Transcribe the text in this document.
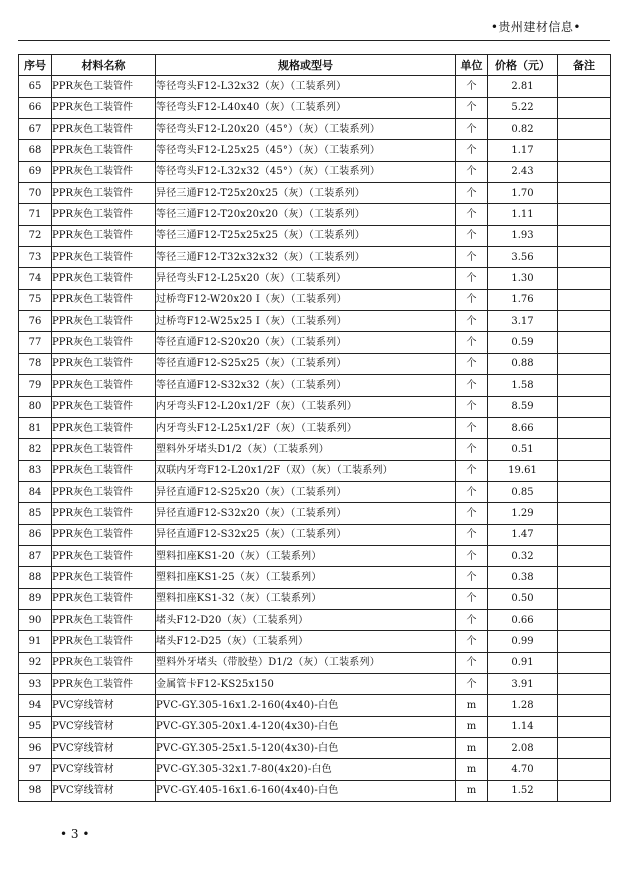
•贵州建材信息•
序号	材料名称	规格或型号	单位	价格（元）	备注
65	PPR灰色工装管件	等径弯头F12-L32x32（灰）（工装系列）	个	2.81	
66	PPR灰色工装管件	等径弯头F12-L40x40（灰）（工装系列）	个	5.22	
67	PPR灰色工装管件	等径弯头F12-L20x20（45°）（灰）（工装系列）	个	0.82	
68	PPR灰色工装管件	等径弯头F12-L25x25（45°）（灰）（工装系列）	个	1.17	
69	PPR灰色工装管件	等径弯头F12-L32x32（45°）（灰）（工装系列）	个	2.43	
70	PPR灰色工装管件	异径三通F12-T25x20x25（灰）（工装系列）	个	1.70	
71	PPR灰色工装管件	等径三通F12-T20x20x20（灰）（工装系列）	个	1.11	
72	PPR灰色工装管件	等径三通F12-T25x25x25（灰）（工装系列）	个	1.93	
73	PPR灰色工装管件	等径三通F12-T32x32x32（灰）（工装系列）	个	3.56	
74	PPR灰色工装管件	异径弯头F12-L25x20（灰）（工装系列）	个	1.30	
75	PPR灰色工装管件	过桥弯F12-W20x20 Ⅰ（灰）（工装系列）	个	1.76	
76	PPR灰色工装管件	过桥弯F12-W25x25 Ⅰ（灰）（工装系列）	个	3.17	
77	PPR灰色工装管件	等径直通F12-S20x20（灰）（工装系列）	个	0.59	
78	PPR灰色工装管件	等径直通F12-S25x25（灰）（工装系列）	个	0.88	
79	PPR灰色工装管件	等径直通F12-S32x32（灰）（工装系列）	个	1.58	
80	PPR灰色工装管件	内牙弯头F12-L20x1/2F（灰）（工装系列）	个	8.59	
81	PPR灰色工装管件	内牙弯头F12-L25x1/2F（灰）（工装系列）	个	8.66	
82	PPR灰色工装管件	塑料外牙堵头D1/2（灰）（工装系列）	个	0.51	
83	PPR灰色工装管件	双联内牙弯F12-L20x1/2F（双）（灰）（工装系列）	个	19.61	
84	PPR灰色工装管件	异径直通F12-S25x20（灰）（工装系列）	个	0.85	
85	PPR灰色工装管件	异径直通F12-S32x20（灰）（工装系列）	个	1.29	
86	PPR灰色工装管件	异径直通F12-S32x25（灰）（工装系列）	个	1.47	
87	PPR灰色工装管件	塑料扣座KS1-20（灰）（工装系列）	个	0.32	
88	PPR灰色工装管件	塑料扣座KS1-25（灰）（工装系列）	个	0.38	
89	PPR灰色工装管件	塑料扣座KS1-32（灰）（工装系列）	个	0.50	
90	PPR灰色工装管件	堵头F12-D20（灰）（工装系列）	个	0.66	
91	PPR灰色工装管件	堵头F12-D25（灰）（工装系列）	个	0.99	
92	PPR灰色工装管件	塑料外牙堵头（带胶垫）D1/2（灰）（工装系列）	个	0.91	
93	PPR灰色工装管件	金属管卡F12-KS25x150	个	3.91	
94	PVC穿线管材	PVC-GY.305-16x1.2-160(4x40)-白色	m	1.28	
95	PVC穿线管材	PVC-GY.305-20x1.4-120(4x30)-白色	m	1.14	
96	PVC穿线管材	PVC-GY.305-25x1.5-120(4x30)-白色	m	2.08	
97	PVC穿线管材	PVC-GY.305-32x1.7-80(4x20)-白色	m	4.70	
98	PVC穿线管材	PVC-GY.405-16x1.6-160(4x40)-白色	m	1.52	
• 3 •
